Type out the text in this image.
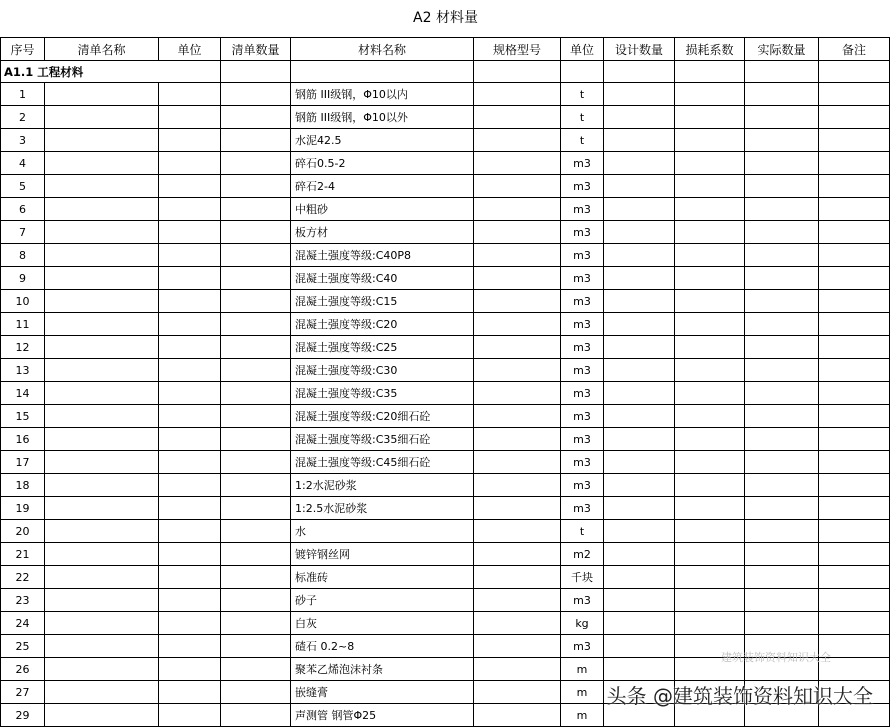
A2 材料量
序号	清单名称	单位	清单数量	材料名称	规格型号	单位	设计数量	损耗系数	实际数量	备注
A1.1 工程材料										
1				钢筋 III级钢，Φ10以内		t				
2				钢筋 III级钢，Φ10以外		t				
3				水泥42.5		t				
4				碎石0.5-2		m3				
5				碎石2-4		m3				
6				中粗砂		m3				
7				板方材		m3				
8				混凝土强度等级:C40P8		m3				
9				混凝土强度等级:C40		m3				
10				混凝土强度等级:C15		m3				
11				混凝土强度等级:C20		m3				
12				混凝土强度等级:C25		m3				
13				混凝土强度等级:C30		m3				
14				混凝土强度等级:C35		m3				
15				混凝土强度等级:C20细石砼		m3				
16				混凝土强度等级:C35细石砼		m3				
17				混凝土强度等级:C45细石砼		m3				
18				1:2水泥砂浆		m3				
19				1:2.5水泥砂浆		m3				
20				水		t				
21				镀锌钢丝网		m2				
22				标准砖		千块				
23				砂子		m3				
24				白灰		kg				
25				碴石 0.2~8		m3				
26				聚苯乙烯泡沫衬条		m				
27				嵌缝膏		m				
29				声测管 钢管Φ25		m				
建筑装饰资料知识大全
头条 @建筑装饰资料知识大全
